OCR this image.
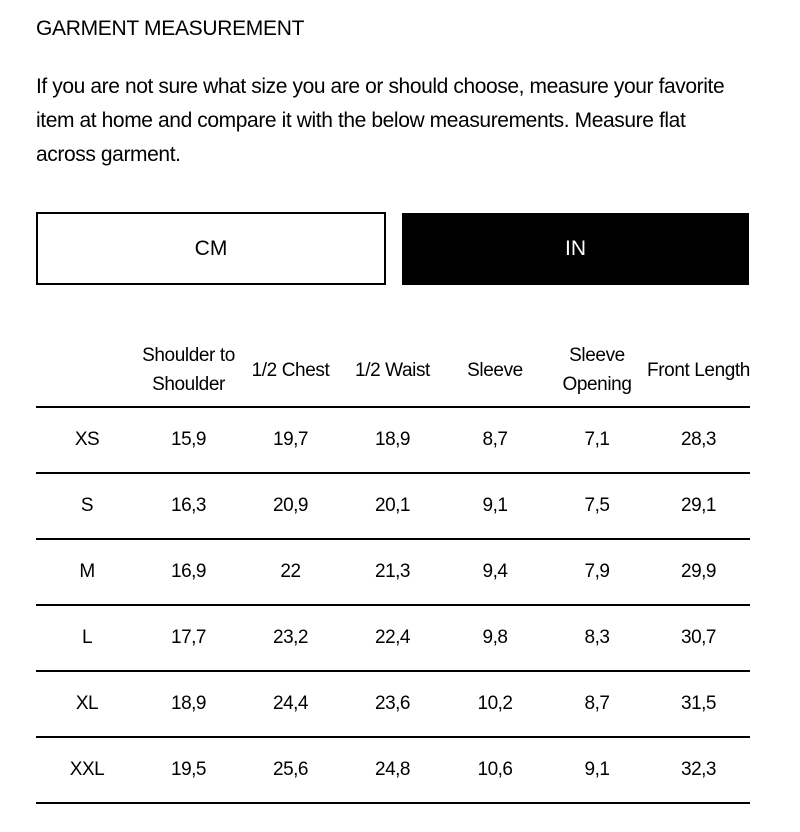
GARMENT MEASUREMENT

If you are not sure what size you are or should choose, measure your favorite item at home and compare it with the below measurements. Measure flat across garment.

CM	IN
	Shoulder to Shoulder	1/2 Chest	1/2 Waist	Sleeve	Sleeve Opening	Front Length
XS	15,9	19,7	18,9	8,7	7,1	28,3
S	16,3	20,9	20,1	9,1	7,5	29,1
M	16,9	22	21,3	9,4	7,9	29,9
L	17,7	23,2	22,4	9,8	8,3	30,7
XL	18,9	24,4	23,6	10,2	8,7	31,5
XXL	19,5	25,6	24,8	10,6	9,1	32,3
